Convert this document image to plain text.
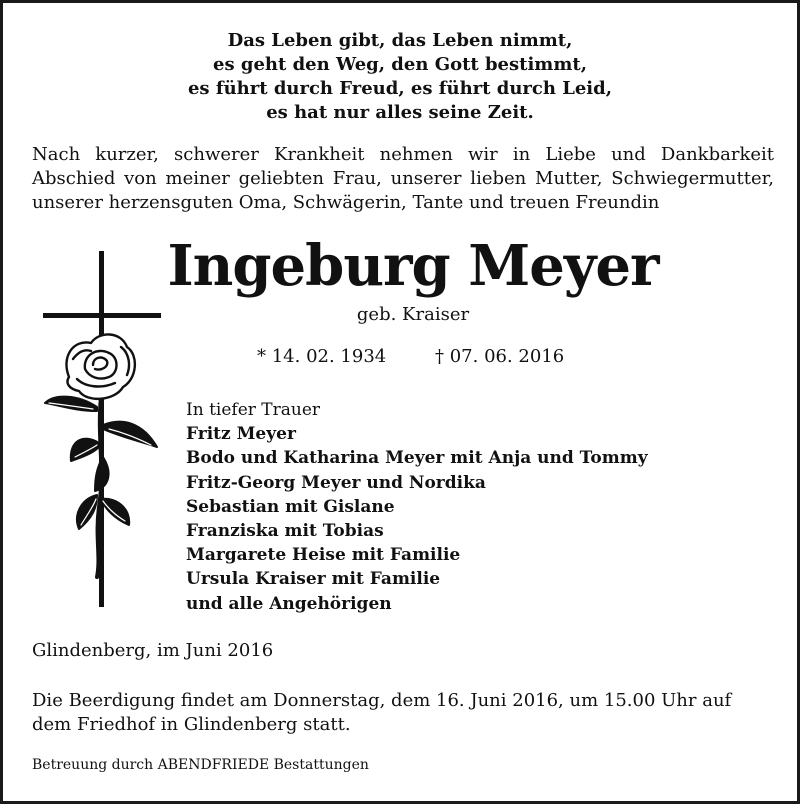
Das Leben gibt, das Leben nimmt,
es geht den Weg, den Gott bestimmt,
es führt durch Freud, es führt durch Leid,
es hat nur alles seine Zeit.
Nach kurzer, schwerer Krankheit nehmen wir in Liebe und Dankbarkeit
Abschied von meiner geliebten Frau, unserer lieben Mutter, Schwiegermutter,
unserer herzensguten Oma, Schwägerin, Tante und treuen Freundin
Ingeburg Meyer
geb. Kraiser
* 14. 02. 1934	† 07. 06. 2016
In tiefer Trauer
Fritz Meyer
Bodo und Katharina Meyer mit Anja und Tommy
Fritz-Georg Meyer und Nordika
Sebastian mit Gislane
Franziska mit Tobias
Margarete Heise mit Familie
Ursula Kraiser mit Familie
und alle Angehörigen
Glindenberg, im Juni 2016
Die Beerdigung findet am Donnerstag, dem 16. Juni 2016, um 15.00 Uhr auf
dem Friedhof in Glindenberg statt.
Betreuung durch ABENDFRIEDE Bestattungen
